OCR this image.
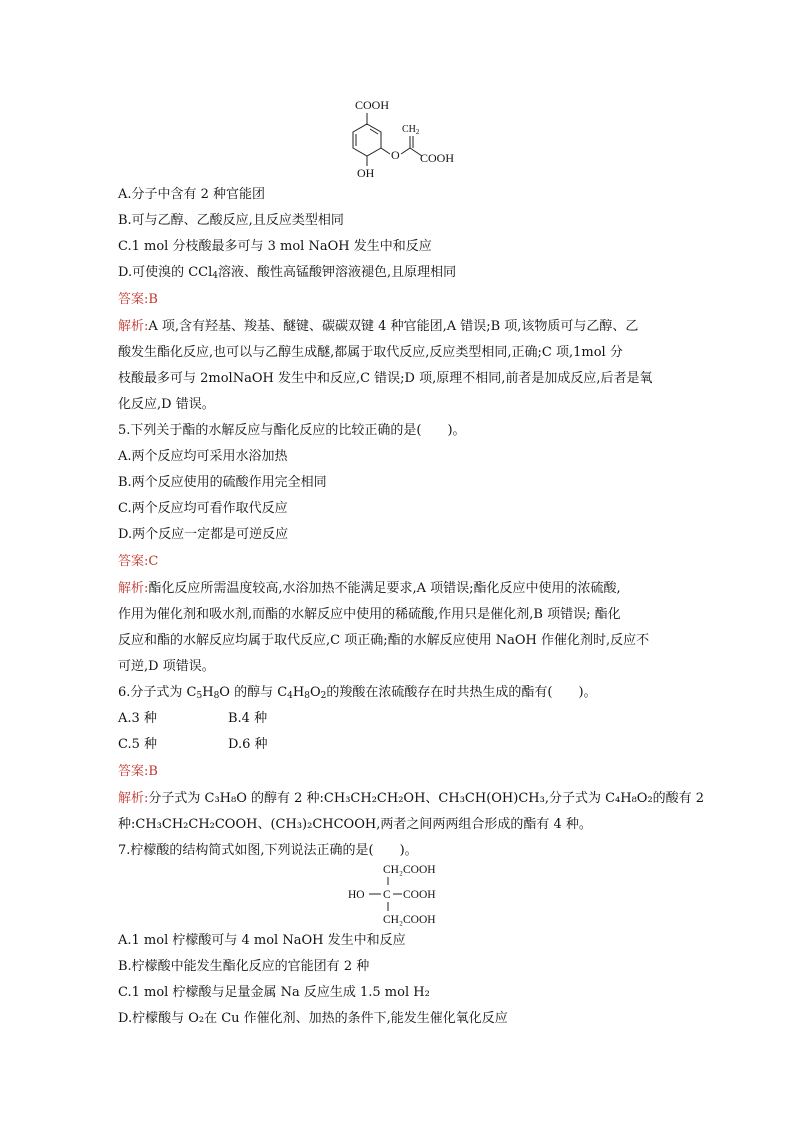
COOH
OH
O
$CH_2$
COOH
A.分子中含有 2 种官能团
B.可与乙醇、乙酸反应,且反应类型相同
C.1 mol 分枝酸最多可与 3 mol NaOH 发生中和反应
D.可使溴的 CCl$_4$溶液、酸性高锰酸钾溶液褪色,且原理相同
答案:B
解析:A 项,含有羟基、羧基、醚键、碳碳双键 4 种官能团,A 错误;B 项,该物质可与乙醇、乙
酸发生酯化反应,也可以与乙醇生成醚,都属于取代反应,反应类型相同,正确;C 项,1mol 分
枝酸最多可与 2molNaOH 发生中和反应,C 错误;D 项,原理不相同,前者是加成反应,后者是氧
化反应,D 错误。
5.下列关于酯的水解反应与酯化反应的比较正确的是(　　)。
A.两个反应均可采用水浴加热
B.两个反应使用的硫酸作用完全相同
C.两个反应均可看作取代反应
D.两个反应一定都是可逆反应
答案:C
解析:酯化反应所需温度较高,水浴加热不能满足要求,A 项错误;酯化反应中使用的浓硫酸,
作用为催化剂和吸水剂,而酯的水解反应中使用的稀硫酸,作用只是催化剂,B 项错误; 酯化
反应和酯的水解反应均属于取代反应,C 项正确;酯的水解反应使用 NaOH 作催化剂时,反应不
可逆,D 项错误。
6.分子式为 $C_5H_8O$ 的醇与 $C_4H_8O_2$的羧酸在浓硫酸存在时共热生成的酯有(　　)。
A.3 种	B.4 种
C.5 种	D.6 种
答案:B
解析:分子式为 C₃H₈O 的醇有 2 种:CH₃CH₂CH₂OH、CH₃CH(OH)CH₃,分子式为 C₄H₈O₂的酸有 2
种:CH₃CH₂CH₂COOH、(CH₃)₂CHCOOH,两者之间两两组合形成的酯有 4 种。
7.柠檬酸的结构简式如图,下列说法正确的是(　　)。
CH₂COOH
HO C COOH
CH₂COOH
A.1 mol 柠檬酸可与 4 mol NaOH 发生中和反应
B.柠檬酸中能发生酯化反应的官能团有 2 种
C.1 mol 柠檬酸与足量金属 Na 反应生成 1.5 mol H₂
D.柠檬酸与 O₂在 Cu 作催化剂、加热的条件下,能发生催化氧化反应
